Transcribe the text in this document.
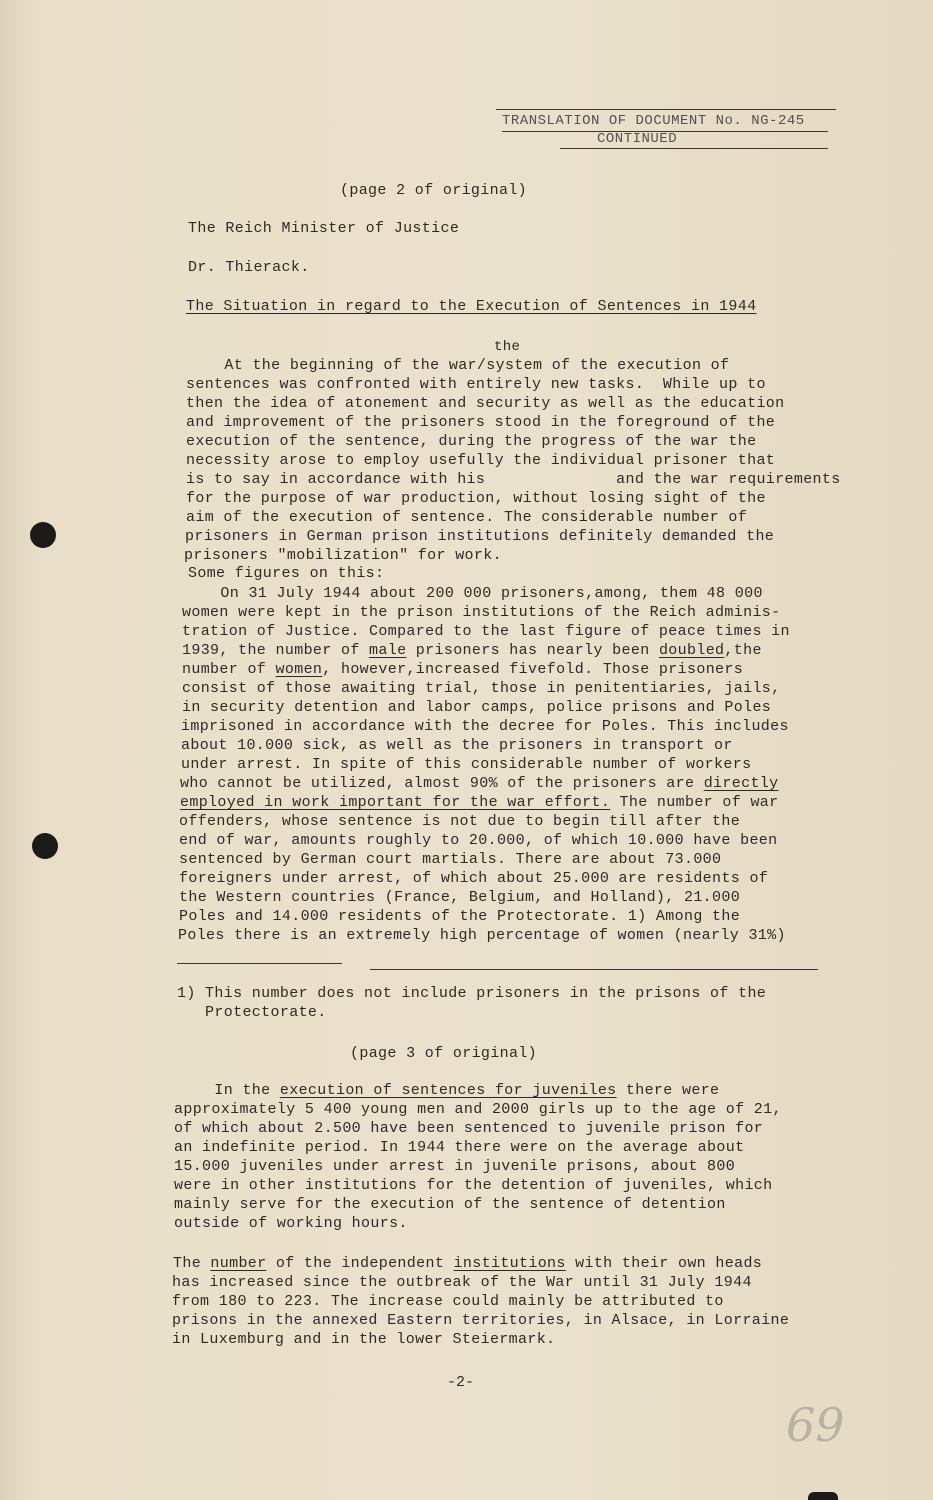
TRANSLATION OF DOCUMENT No. NG-245
CONTINUED
(page 2 of original)
The Reich Minister of Justice
Dr. Thierack.
The Situation in regard to the Execution of Sentences in 1944
the
At the beginning of the war/system of the execution of
sentences was confronted with entirely new tasks.  While up to
then the idea of atonement and security as well as the education
and improvement of the prisoners stood in the foreground of the
execution of the sentence, during the progress of the war the
necessity arose to employ usefully the individual prisoner that
is to say in accordance with his              and the war requirements
for the purpose of war production, without losing sight of the
aim of the execution of sentence. The considerable number of
prisoners in German prison institutions definitely demanded the
prisoners "mobilization" for work.
Some figures on this:
On 31 July 1944 about 200 000 prisoners,among, them 48 000
women were kept in the prison institutions of the Reich adminis-
tration of Justice. Compared to the last figure of peace times in
1939, the number of male prisoners has nearly been doubled,the
number of women, however,increased fivefold. Those prisoners
consist of those awaiting trial, those in penitentiaries, jails,
in security detention and labor camps, police prisons and Poles
imprisoned in accordance with the decree for Poles. This includes
about 10.000 sick, as well as the prisoners in transport or
under arrest. In spite of this considerable number of workers
who cannot be utilized, almost 90% of the prisoners are directly
employed in work important for the war effort. The number of war
offenders, whose sentence is not due to begin till after the
end of war, amounts roughly to 20.000, of which 10.000 have been
sentenced by German court martials. There are about 73.000
foreigners under arrest, of which about 25.000 are residents of
the Western countries (France, Belgium, and Holland), 21.000
Poles and 14.000 residents of the Protectorate. 1) Among the
Poles there is an extremely high percentage of women (nearly 31%)
1) This number does not include prisoners in the prisons of the
Protectorate.
(page 3 of original)
In the execution of sentences for juveniles there were
approximately 5 400 young men and 2000 girls up to the age of 21,
of which about 2.500 have been sentenced to juvenile prison for
an indefinite period. In 1944 there were on the average about
15.000 juveniles under arrest in juvenile prisons, about 800
were in other institutions for the detention of juveniles, which
mainly serve for the execution of the sentence of detention
outside of working hours.
The number of the independent institutions with their own heads
has increased since the outbreak of the War until 31 July 1944
from 180 to 223. The increase could mainly be attributed to
prisons in the annexed Eastern territories, in Alsace, in Lorraine
in Luxemburg and in the lower Steiermark.
-2-
69
